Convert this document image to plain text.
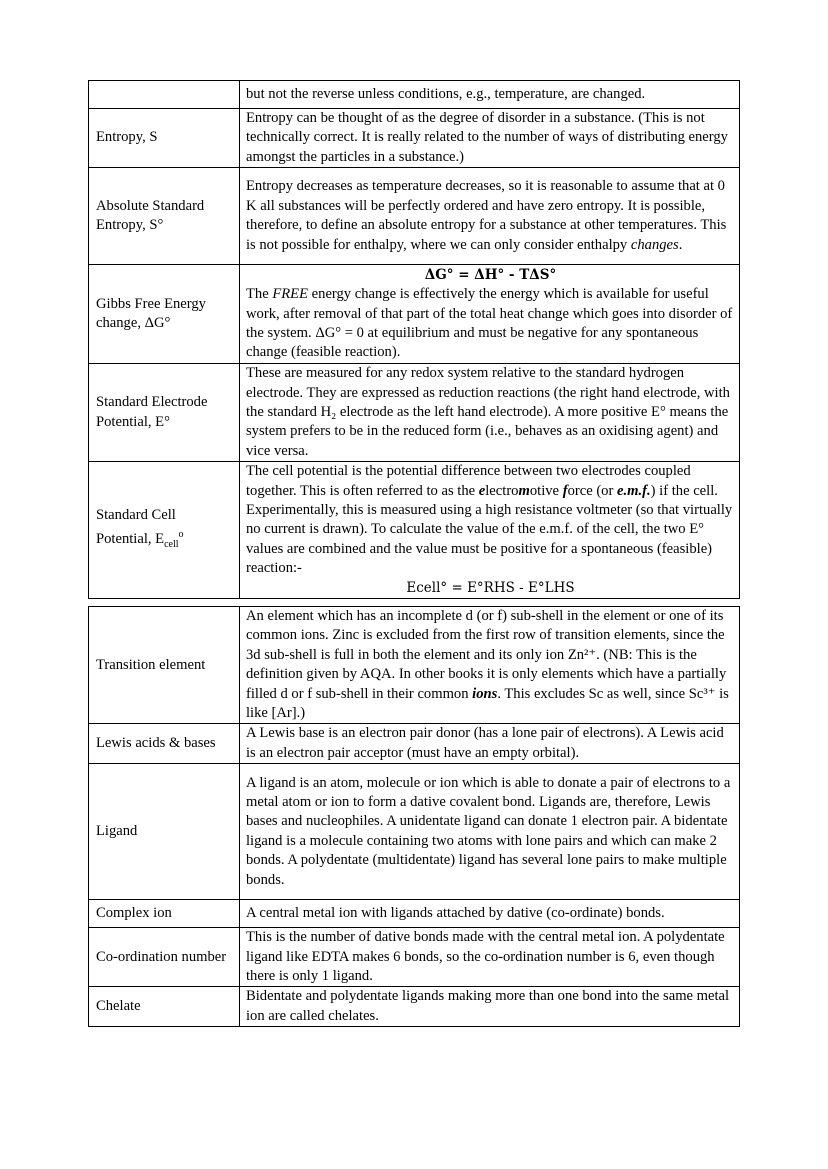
	but not the reverse unless conditions, e.g., temperature, are changed.
Entropy, S	Entropy can be thought of as the degree of disorder in a substance. (This is not technically correct. It is really related to the number of ways of distributing energy amongst the particles in a substance.)
Absolute Standard Entropy, S°	Entropy decreases as temperature decreases, so it is reasonable to assume that at 0 K all substances will be perfectly ordered and have zero entropy. It is possible, therefore, to define an absolute entropy for a substance at other temperatures. This is not possible for enthalpy, where we can only consider enthalpy changes.
Gibbs Free Energy change, ΔG°	ΔG° = ΔH° - TΔS°
The FREE energy change is effectively the energy which is available for useful work, after removal of that part of the total heat change which goes into disorder of the system. ΔG° = 0 at equilibrium and must be negative for any spontaneous change (feasible reaction).
Standard Electrode Potential, E°	These are measured for any redox system relative to the standard hydrogen electrode. They are expressed as reduction reactions (the right hand electrode, with the standard H₂ electrode as the left hand electrode). A more positive E° means the system prefers to be in the reduced form (i.e., behaves as an oxidising agent) and vice versa.
Standard Cell Potential, $E_{cell}^o$	The cell potential is the potential difference between two electrodes coupled together. This is often referred to as the electromotive force (or e.m.f.) if the cell. Experimentally, this is measured using a high resistance voltmeter (so that virtually no current is drawn). To calculate the value of the e.m.f. of the cell, the two E° values are combined and the value must be positive for a spontaneous (feasible) reaction:-
Ecell° = E°RHS - E°LHS
Transition element	An element which has an incomplete d (or f) sub-shell in the element or one of its common ions. Zinc is excluded from the first row of transition elements, since the 3d sub-shell is full in both the element and its only ion Zn²⁺. (NB: This is the definition given by AQA. In other books it is only elements which have a partially filled d or f sub-shell in their common ions. This excludes Sc as well, since Sc³⁺ is like [Ar].)
Lewis acids & bases	A Lewis base is an electron pair donor (has a lone pair of electrons). A Lewis acid is an electron pair acceptor (must have an empty orbital).
Ligand	A ligand is an atom, molecule or ion which is able to donate a pair of electrons to a metal atom or ion to form a dative covalent bond. Ligands are, therefore, Lewis bases and nucleophiles. A unidentate ligand can donate 1 electron pair. A bidentate ligand is a molecule containing two atoms with lone pairs and which can make 2 bonds. A polydentate (multidentate) ligand has several lone pairs to make multiple bonds.
Complex ion	A central metal ion with ligands attached by dative (co-ordinate) bonds.
Co-ordination number	This is the number of dative bonds made with the central metal ion. A polydentate ligand like EDTA makes 6 bonds, so the co-ordination number is 6, even though there is only 1 ligand.
Chelate	Bidentate and polydentate ligands making more than one bond into the same metal ion are called chelates.
